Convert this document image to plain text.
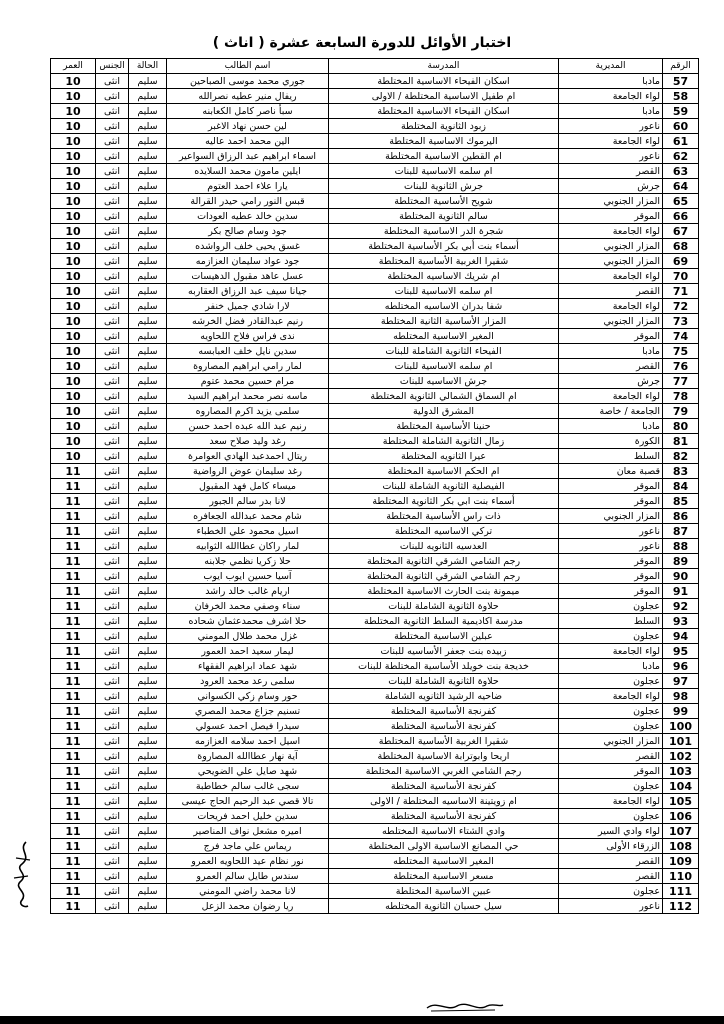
اختبار الأوائل للدورة السابعة عشرة ( اناث )
الرقم	المديرية	المدرسة	اسم الطالب	الحالة	الجنس	العمر
57	مادبا	اسكان الفيحاء الاساسية المختلطة	جوري محمد موسى الصباحين	سليم	انثى	10
58	لواء الجامعة	ام طفيل الاساسية المختلطة / الاولى	ريفال منير عطيه نصرالله	سليم	انثى	10
59	مادبا	اسكان الفيحاء الاساسية المختلطة	سبأ ناصر كامل الكعابنه	سليم	انثى	10
60	ناعور	زبود الثانوية المختلطة	لين حسن نهاد الاغبر	سليم	انثى	10
61	لواء الجامعة	اليرموك الاساسية المختلطة	الين محمد احمد عاليه	سليم	انثى	10
62	ناعور	ام القطين الاساسية المختلطة	اسماء ابراهيم عبد الرزاق السواعير	سليم	انثى	10
63	القصر	ام سلمه الاساسية للبنات	ايلين مامون محمد السلايده	سليم	انثى	10
64	جرش	جرش الثانوية للبنات	يارا علاء احمد العتوم	سليم	انثى	10
65	المزار الجنوبي	شويح الأساسية المختلطة	قبس النور رامي حيدر القرالة	سليم	انثى	10
66	الموقر	سالم الثانوية المختلطة	سدين خالد عطيه العودات	سليم	انثى	10
67	لواء الجامعة	شجرة الدر الاساسية المختلطة	جود وسام صالح بكر	سليم	انثى	10
68	المزار الجنوبي	أسماء بنت أبي بكر الأساسية المختلطة	غسق يحيى خلف الرواشده	سليم	انثى	10
69	المزار الجنوبي	شقيرا الغربية الأساسية المختلطة	جود عواد سليمان العزازمه	سليم	انثى	10
70	لواء الجامعة	ام شريك الاساسيه المختلطة	عسل عاهد مقبول الدهيسات	سليم	انثى	10
71	القصر	ام سلمه الاساسية للبنات	جيانا سيف عبد الرزاق العقاربه	سليم	انثى	10
72	لواء الجامعة	شفا بدران الاساسيه المختلطه	لارا شادي جميل خنفر	سليم	انثى	10
73	المزار الجنوبي	المزار الأساسية الثانية المختلطة	رنيم عبدالقادر فضل الخرشه	سليم	انثى	10
74	الموقر	المغير الاساسية المختلطه	ندى فراس فلاح اللحاويه	سليم	انثى	10
75	مادبا	الفيحاء الثانوية الشاملة للبنات	سدين نايل خلف العبابسه	سليم	انثى	10
76	القصر	ام سلمه الاساسية للبنات	لمار رامي ابراهيم المصاروة	سليم	انثى	10
77	جرش	جرش الاساسيه للبنات	مرام حسين محمد عتوم	سليم	انثى	10
78	لواء الجامعة	ام السماق الشمالي الثانوية المختلطة	ماسه نصر محمد ابراهيم السيد	سليم	انثى	10
79	الجامعة / خاصة	المشرق الدولية	سلمى يزيد اكرم المصاروه	سليم	انثى	10
80	مادبا	حنينا الأساسية المختلطة	رنيم عبد الله عبده احمد حسن	سليم	انثى	10
81	الكورة	زمال الثانوية الشاملة المختلطة	رغد وليد صلاح سعد	سليم	انثى	10
82	السلط	عيرا الثانويه المختلطة	ريتال احمدعبد الهادي العوامرة	سليم	انثى	10
83	قصبة معان	ام الحكم الاساسية المختلطة	رغد سليمان عوض الرواضية	سليم	انثى	11
84	الموقر	الفيصلية الثانوية الشاملة للبنات	ميساء كامل فهد المقبول	سليم	انثى	11
85	الموقر	أسماء بنت ابي بكر الثانوية المختلطة	لانا بدر سالم الجبور	سليم	انثى	11
86	المزار الجنوبي	ذات راس الأساسية المختلطة	شام محمد عبدالله الجعافره	سليم	انثى	11
87	ناعور	تركي الاساسيه المختلطة	اسيل محمود علي الخطباء	سليم	انثى	11
88	ناعور	العدسيه الثانويه للبنات	لمار راكان عطاالله الثوابيه	سليم	انثى	11
89	الموقر	رجم الشامي الشرقي الثانوية المختلطة	حلا زكريا نظمي جلابنه	سليم	انثى	11
90	الموقر	رجم الشامي الشرقي الثانوية المختلطة	آسيا حسين ايوب ايوب	سليم	انثى	11
91	الموقر	ميمونة بنت الحارث الاساسية المختلطة	اريام غالب خالد راشد	سليم	انثى	11
92	عجلون	حلاوة الثانوية الشاملة للبنات	سناء وصفي محمد الخرفان	سليم	انثى	11
93	السلط	مدرسة اكاديمية السلط الثانوية المختلطة	حلا اشرف محمدعثمان شحاده	سليم	انثى	11
94	عجلون	عبلين الاساسية المختلطة	غزل محمد طلال المومني	سليم	انثى	11
95	لواء الجامعة	زبيده بنت جعفر الأساسيه للبنات	ليمار سعيد احمد العمور	سليم	انثى	11
96	مادبا	خديجة بنت خويلد الأساسية المختلطة للبنات	شهد عماد ابراهيم الفقهاء	سليم	انثى	11
97	عجلون	حلاوة الثانوية الشاملة للبنات	سلمى رعد محمد العرود	سليم	انثى	11
98	لواء الجامعة	ضاحيه الرشيد الثانويه الشاملة	حور وسام زكي الكسواني	سليم	انثى	11
99	عجلون	كفرنجة الأساسية المختلطة	تسنيم جزاع محمد المصري	سليم	انثى	11
100	عجلون	كفرنجة الأساسية المختلطة	سيدرا فيصل احمد عسولي	سليم	انثى	11
101	المزار الجنوبي	شقيرا الغربية الأساسية المختلطة	اسيل احمد سلامه العزازمه	سليم	انثى	11
102	القصر	اريحا وابوترابة الاساسية المختلطة	آية نهار عطاالله المصاروة	سليم	انثى	11
103	الموقر	رجم الشامي الغربي الاساسية المختلطة	شهد صايل علي الضويحي	سليم	انثى	11
104	عجلون	كفرنجة الأساسية المختلطة	سجى غالب سالم خطاطبة	سليم	انثى	11
105	لواء الجامعة	ام زويتينة الاساسيه المختلطة / الاولى	تالا قصي عبد الرحيم الحاج عيسى	سليم	انثى	11
106	عجلون	كفرنجة الأساسية المختلطة	سدين خليل احمد فريحات	سليم	انثى	11
107	لواء وادي السير	وادي الشتاء الاساسية المختلطه	اميره مشعل نواف المناصير	سليم	انثى	11
108	الزرقاء الأولى	حي المصانع الاساسية الاولى المختلطة	ريماس علي ماجد فرج	سليم	انثى	11
109	القصر	المغير الاساسية المختلطه	نور نظام عيد اللحاويه العمرو	سليم	انثى	11
110	القصر	مسعر الاساسية المختلطة	سندس طايل سالم العمرو	سليم	انثى	11
111	عجلون	عبين الاساسية المختلطة	لانا محمد راضي المومني	سليم	انثى	11
112	ناعور	سيل حسبان الثانوية المختلطه	ريا رضوان محمد الزعل	سليم	انثى	11
